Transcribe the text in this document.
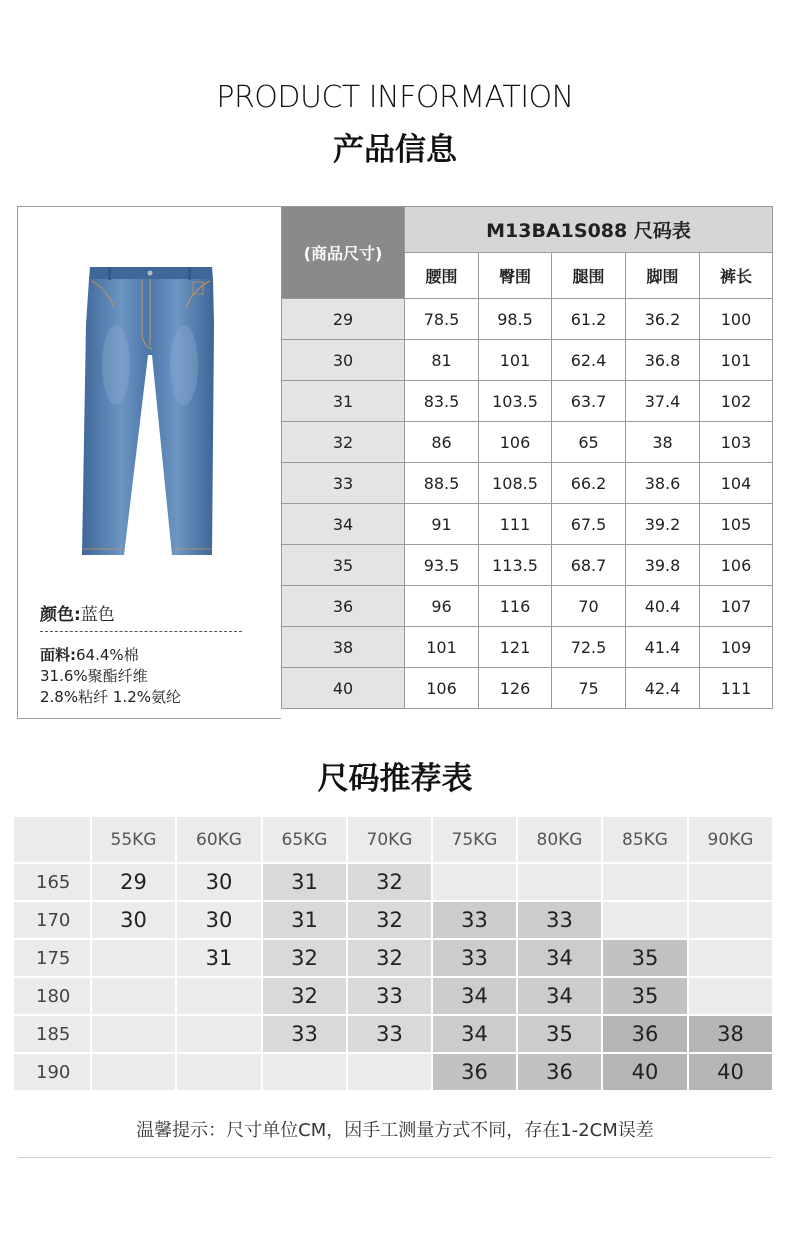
PRODUCT INFORMATION
产品信息
颜色:蓝色
面料:64.4%棉
31.6%聚酯纤维
2.8%粘纤 1.2%氨纶
(商品尺寸)	M13BA1S088 尺码表				
	腰围	臀围	腿围	脚围	裤长
29	78.5	98.5	61.2	36.2	100
30	81	101	62.4	36.8	101
31	83.5	103.5	63.7	37.4	102
32	86	106	65	38	103
33	88.5	108.5	66.2	38.6	104
34	91	111	67.5	39.2	105
35	93.5	113.5	68.7	39.8	106
36	96	116	70	40.4	107
38	101	121	72.5	41.4	109
40	106	126	75	42.4	111
尺码推荐表
	55KG	60KG	65KG	70KG	75KG	80KG	85KG	90KG
165	29	30	31	32				
170	30	30	31	32	33	33		
175		31	32	32	33	34	35	
180			32	33	34	34	35	
185			33	33	34	35	36	38
190					36	36	40	40
温馨提示：尺寸单位CM，因手工测量方式不同，存在1-2CM误差
